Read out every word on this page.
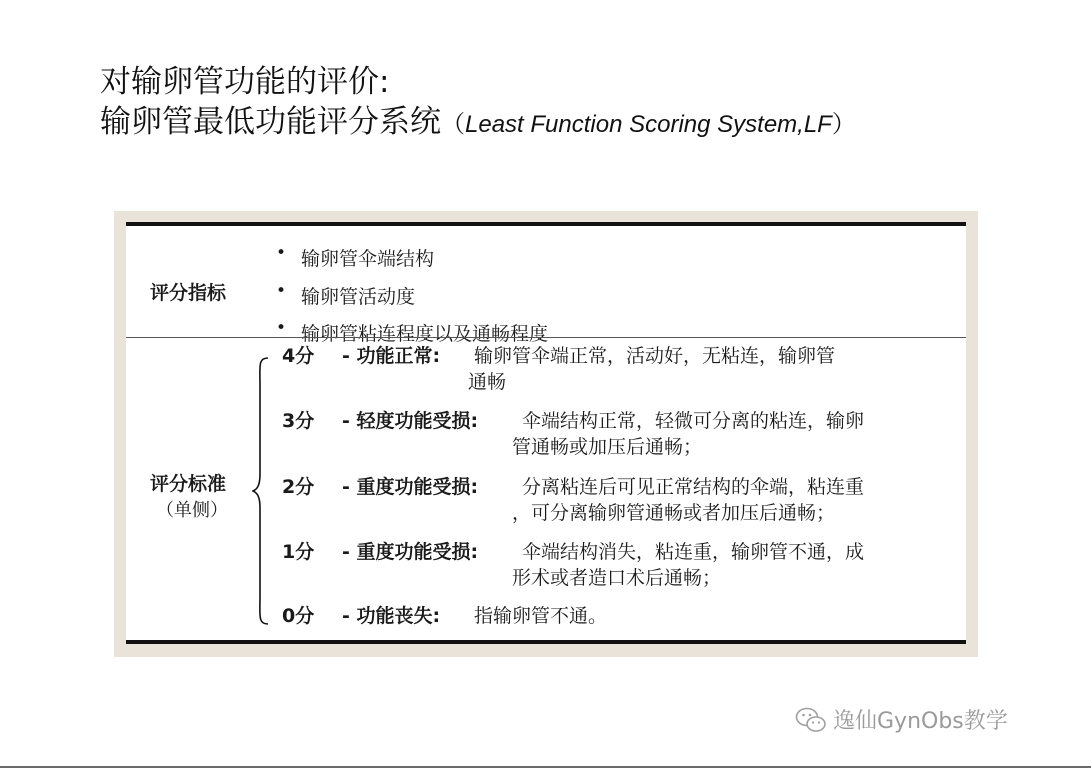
对输卵管功能的评价:
输卵管最低功能评分系统（Least Function Scoring System,LF）
评分指标
• 输卵管伞端结构
• 输卵管活动度
• 输卵管粘连程度以及通畅程度
评分标准
（单侧）
4分 - 功能正常: 输卵管伞端正常，活动好，无粘连，输卵管
通畅
3分 - 轻度功能受损: 伞端结构正常，轻微可分离的粘连，输卵
管通畅或加压后通畅；
2分 - 重度功能受损: 分离粘连后可见正常结构的伞端，粘连重
，可分离输卵管通畅或者加压后通畅；
1分 - 重度功能受损: 伞端结构消失，粘连重，输卵管不通，成
形术或者造口术后通畅；
0分 - 功能丧失: 指输卵管不通。
逸仙GynObs教学
